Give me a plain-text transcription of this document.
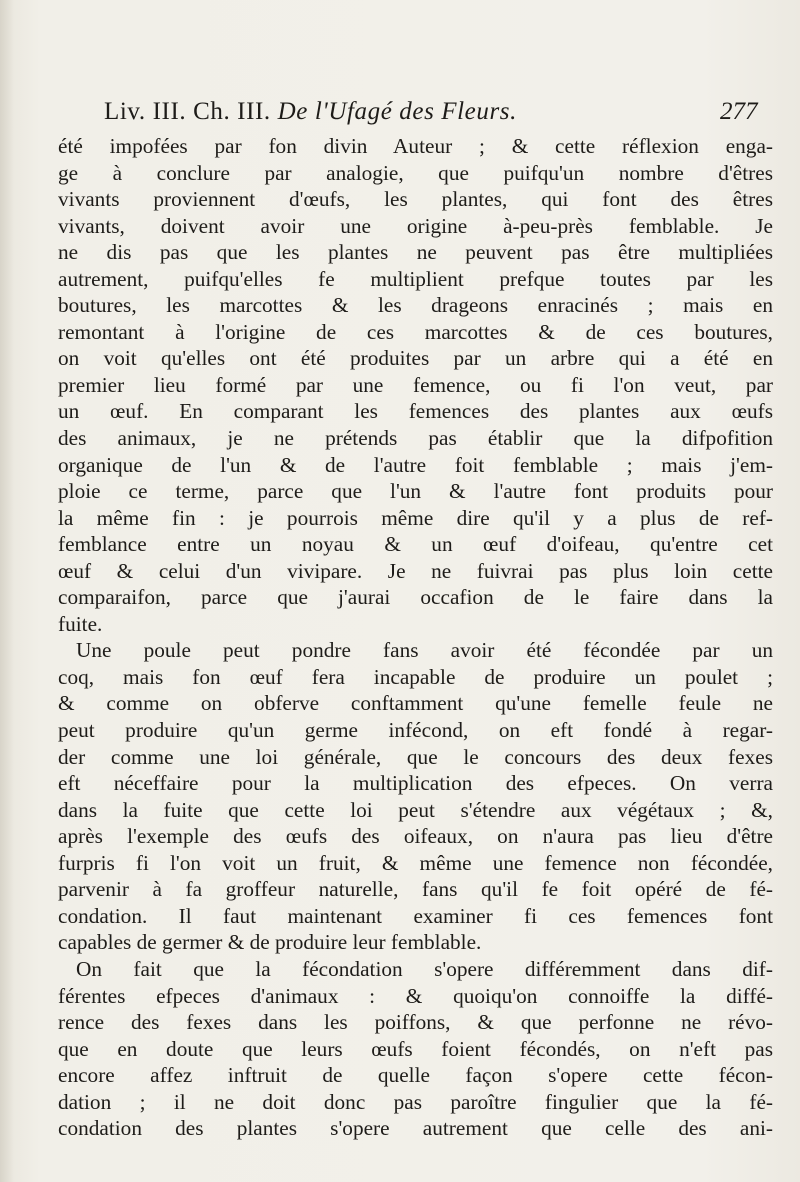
Liv. III. Ch. III. De l'Ufagé des Fleurs.	277
été impofées par fon divin Auteur ; & cette réflexion enga-
ge à conclure par analogie, que puifqu'un nombre d'êtres
vivants proviennent d'œufs, les plantes, qui font des êtres
vivants, doivent avoir une origine à-peu-près femblable. Je
ne dis pas que les plantes ne peuvent pas être multipliées
autrement, puifqu'elles fe multiplient prefque toutes par les
boutures, les marcottes & les drageons enracinés ; mais en
remontant à l'origine de ces marcottes & de ces boutures,
on voit qu'elles ont été produites par un arbre qui a été en
premier lieu formé par une femence, ou fi l'on veut, par
un œuf. En comparant les femences des plantes aux œufs
des animaux, je ne prétends pas établir que la difpofition
organique de l'un & de l'autre foit femblable ; mais j'em-
ploie ce terme, parce que l'un & l'autre font produits pour
la même fin : je pourrois même dire qu'il y a plus de ref-
femblance entre un noyau & un œuf d'oifeau, qu'entre cet
œuf & celui d'un vivipare. Je ne fuivrai pas plus loin cette
comparaifon, parce que j'aurai occafion de le faire dans la
fuite.
Une poule peut pondre fans avoir été fécondée par un
coq, mais fon œuf fera incapable de produire un poulet ;
& comme on obferve conftamment qu'une femelle feule ne
peut produire qu'un germe infécond, on eft fondé à regar-
der comme une loi générale, que le concours des deux fexes
eft néceffaire pour la multiplication des efpeces. On verra
dans la fuite que cette loi peut s'étendre aux végétaux ; &,
après l'exemple des œufs des oifeaux, on n'aura pas lieu d'être
furpris fi l'on voit un fruit, & même une femence non fécondée,
parvenir à fa groffeur naturelle, fans qu'il fe foit opéré de fé-
condation. Il faut maintenant examiner fi ces femences font
capables de germer & de produire leur femblable.
On fait que la fécondation s'opere différemment dans dif-
férentes efpeces d'animaux : & quoiqu'on connoiffe la diffé-
rence des fexes dans les poiffons, & que perfonne ne révo-
que en doute que leurs œufs foient fécondés, on n'eft pas
encore affez inftruit de quelle façon s'opere cette fécon-
dation ; il ne doit donc pas paroître fingulier que la fé-
condation des plantes s'opere autrement que celle des ani-
